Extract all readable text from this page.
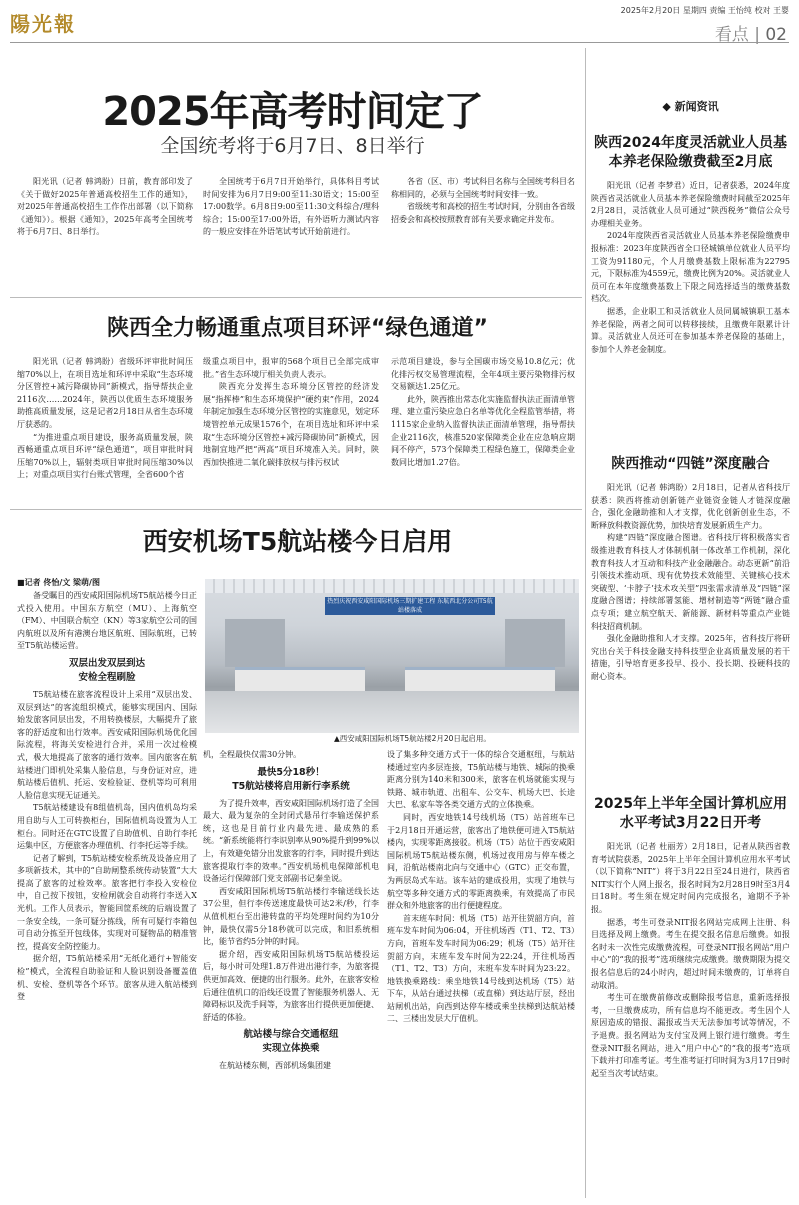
陽光報
2025年2月20日 星期四 责编 王怡纯 校对 王婴
看点 | 02
2025年高考时间定了
全国统考将于6月7日、8日举行

阳光讯（记者 韩鸿盼）日前，教育部印发了《关于做好2025年普通高校招生工作的通知》，对2025年普通高校招生工作作出部署（以下简称《通知》）。根据《通知》，2025年高考全国统考将于6月7日、8日举行。

全国统考于6月7日开始举行，具体科目考试时间安排为6月7日9:00至11:30语文；15:00至17:00数学。6月8日9:00至11:30文科综合/理科综合；15:00至17:00外语，有外语听力测试内容的一般应安排在外语笔试考试开始前进行。

各省（区、市）考试科目名称与全国统考科目名称相同的，必须与全国统考时间安排一致。

省级统考和高校的招生考试时间，分别由各省级招委会和高校按照教育部有关要求确定并发布。

陕西全力畅通重点项目环评“绿色通道”

阳光讯（记者 韩鸿盼）省级环评审批时间压缩70%以上，在项目选址和环评中采取“生态环境分区管控+减污降碳协同”新模式，指导帮扶企业2116次……2024年，陕西以优质生态环境服务助推高质量发展，这是记者2月18日从省生态环境厅获悉的。

“为推进重点项目建设，服务高质量发展，陕西畅通重点项目环评“绿色通道”，项目审批时间压缩70%以上，辐射类项目审批时间压缩30%以上；对重点项目实行台账式管理，全省600个省

级重点项目中，报审的568个项目已全部完成审批。”省生态环境厅相关负责人表示。

陕西充分发挥生态环境分区管控的经济发展“指挥棒”和生态环境保护“硬约束”作用，2024年制定加强生态环境分区管控的实施意见，划定环境管控单元成果1576个，在项目选址和环评中采取“生态环境分区管控+减污降碳协同”新模式，因地制宜地严把“两高”项目环境准入关。同时，陕西加快推进二氧化碳排放权与排污权试

示范项目建设，参与全国碳市场交易10.8亿元；优化排污权交易管理流程，全年4项主要污染物排污权交易额达1.25亿元。

此外，陕西推出常态化实施监督执法正面清单管理、建立重污染应急白名单等优化全程监管举措，将1115家企业纳入监督执法正面清单管理，指导帮扶企业2116次，核准520家保障类企业在应急响应期间不停产，573个保障类工程绿色施工，保障类企业数同比增加1.27倍。

西安机场T5航站楼今日启用
■记者 佟怡/文 梁萌/图
热烈庆祝西安咸阳国际机场三期扩建工程 东航西北分公司T5航站楼落成
▲西安咸阳国际机场T5航站楼2月20日起启用。

备受瞩目的西安咸阳国际机场T5航站楼今日正式投入使用。中国东方航空（MU）、上海航空（FM）、中国联合航空（KN）等3家航空公司的国内航班以及所有港澳台地区航班、国际航班，已转至T5航站楼运营。

双层出发双层到达
安检全程刷脸

T5航站楼在旅客流程设计上采用“双层出发、双层到达”的客流组织模式，能够实现国内、国际始发旅客同层出发，不用转换楼层，大幅提升了旅客的舒适度和出行效率。西安咸阳国际机场优化国际流程，将海关安检进行合并，采用一次过检模式，极大地提高了旅客的通行效率。国内旅客在航站楼进门即机处采集人脸信息，与身份证对应，进航站楼后值机、托运、安检验证、登机等均可利用人脸信息实现无证通关。

T5航站楼建设有8组值机岛，国内值机岛均采用自助与人工可转换柜台，国际值机岛设置为人工柜台。同时还在GTC设置了自助值机、自助行李托运集中区，方便旅客办理值机、行李托运等手续。

记者了解到，T5航站楼安检系统及设备应用了多项新技术，其中的“自助闸整系统传动装置”大大提高了旅客的过检效率。旅客把行李投入安检位中，自己按下按钮，安检闸就会自动将行李送入X光机。工作人员表示，智能回筐系统的后端设置了一条安全线，一条可疑分拣线，所有可疑行李箱包可自动分拣至开包线体，实现对可疑物品的精准管控，提高安全防控能力。

据介绍，T5航站楼采用“无纸化通行+智能安检”模式，全流程自助验证和人脸识别设备覆盖值机、安检、登机等各个环节。旅客从进入航站楼到登

机，全程最快仅需30分钟。

最快5分18秒！
T5航站楼将启用新行李系统

为了提升效率，西安咸阳国际机场打造了全国最大、最为复杂的全封闭式悬吊行李输送保护系统，这也是目前行业内最先进、最成熟的系统。“新系统能将行李识别率从90%提升到99%以上，有效避免错分出发旅客的行李，同时提升到达旅客提取行李的效率。”西安机场机电保障部机电设备运行保障部门党支部副书记秦坐说。

西安咸阳国际机场T5航站楼行李输送线长达37公里，但行李传送速度最快可达2米/秒，行李从值机柜台至出港转盘的平均处理时间约为10分钟，最快仅需5分18秒就可以完成，和旧系统相比，能节省约5分钟的时间。

据介绍，西安咸阳国际机场T5航站楼投运后，每小时可处理1.8万件进出港行李，为旅客提供更加高效、便捷的出行服务。此外，在旅客安检后通往值机口的沿线还设置了智能服务机器人、无障碍标识及洗手间等，为旅客出行提供更加便捷、舒适的体验。

航站楼与综合交通枢纽
实现立体换乘

在航站楼东侧，西部机场集团建

设了集多种交通方式于一体的综合交通枢纽，与航站楼通过室内多层连接，T5航站楼与地铁、城际的换乘距离分别为140米和300米，旅客在机场就能实现与铁路、城市轨道、出租车、公交车、机场大巴、长途大巴、私家车等各类交通方式的立体换乘。

同时，西安地铁14号线机场（T5）站首班车已于2月18日开通运营，旅客出了地铁便可进入T5航站楼内，实现零距离接驳。机场（T5）站位于西安咸阳国际机场T5航站楼东侧，机场过夜用房与停车楼之间，沿航站楼南北向与交通中心（GTC）正交布置，为两层岛式车站。该车站的建成投用，实现了地铁与航空等多种交通方式的零距离换乘，有效提高了市民群众和外地旅客的出行便捷程度。

首末班车时间：机场（T5）站开往贺韶方向，首班车发车时间为06:04，开往机场西（T1、T2、T3）方向，首班车发车时间为06:29；机场（T5）站开往贺韶方向，末班车发车时间为22:24，开往机场西（T1、T2、T3）方向，末班车发车时间为23:22。地铁换乘路线：乘坐地铁14号线到达机场（T5）站下车，从站台通过扶梯（或直梯）到达站厅层，经出站闸机出站，向西到达停车楼或乘坐扶梯到达航站楼二、三楼出发层大厅值机。

◆ 新闻资讯
陕西2024年度灵活就业人员基本养老保险缴费截至2月底

阳光讯（记者 李梦君）近日，记者获悉，2024年度陕西省灵活就业人员基本养老保险缴费时间截至2025年2月28日，灵活就业人员可通过“陕西税务”微信公众号办理相关业务。

2024年度陕西省灵活就业人员基本养老保险缴费申报标准：2023年度陕西省全口径城镇单位就业人员平均工资为91180元，个人月缴费基数上限标准为22795元，下限标准为4559元，缴费比例为20%。灵活就业人员可在本年度缴费基数上下限之间选择适当的缴费基数档次。

据悉，企业职工和灵活就业人员同属城镇职工基本养老保险，两者之间可以转移接续，且缴费年限累计计算。灵活就业人员还可在参加基本养老保险的基础上，参加个人养老金制度。

陕西推动“四链”深度融合

阳光讯（记者 韩鸿盼）2月18日，记者从省科技厅获悉：陕西将推动创新链产业链资金链人才链深度融合，强化金融助推和人才支撑，优化创新创业生态，不断释放科教资源优势，加快培育发展新质生产力。

构建“四链”深度融合图谱。省科技厅将积极落实省级推进教育科技人才体制机制一体改革工作机制，深化教育科技人才互动和科技产业金融融合。动态更新“前沿引领技术推动项、现有优势技术效能型、关键核心技术突破型、‘卡脖子’技术攻关型”四张需求清单及“四链”深度融合图谱；持续部署氢能、增材制造等“两链”融合重点专项；建立航空航天、新能源、新材料等重点产业链科技招商机制。

强化金融助推和人才支撑。2025年，省科技厅将研究出台关于科技金融支持科技型企业高质量发展的若干措施，引导培育更多投早、投小、投长期、投硬科技的耐心资本。

2025年上半年全国计算机应用水平考试3月22日开考

阳光讯（记者 杜丽芳）2月18日，记者从陕西省教育考试院获悉，2025年上半年全国计算机应用水平考试（以下简称“NIT”）将于3月22日至24日进行，陕西省NIT实行个人网上报名，报名时间为2月28日9时至3月4日18时。考生须在规定时间内完成报名，逾期不予补报。

据悉，考生可登录NIT报名网站完成网上注册、科目选择及网上缴费。考生在提交报名信息后缴费。如报名时未一次性完成缴费流程，可登录NIT报名网站“用户中心”的“我的报考”选项继续完成缴费。缴费期限为提交报名信息后的24小时内，超过时间未缴费的，订单将自动取消。

考生可在缴费前修改或删除报考信息，重新选择报考，一旦缴费成功，所有信息均不能更改。考生因个人原因造成的错报、漏报或当天无法参加考试等情况，不予退费。报名网站为支付宝及网上银行进行缴费。考生登录NIT报名网站，进入“用户中心”的“我的报考”选项下载并打印准考证。考生准考证打印时间为3月17日9时起至当次考试结束。
